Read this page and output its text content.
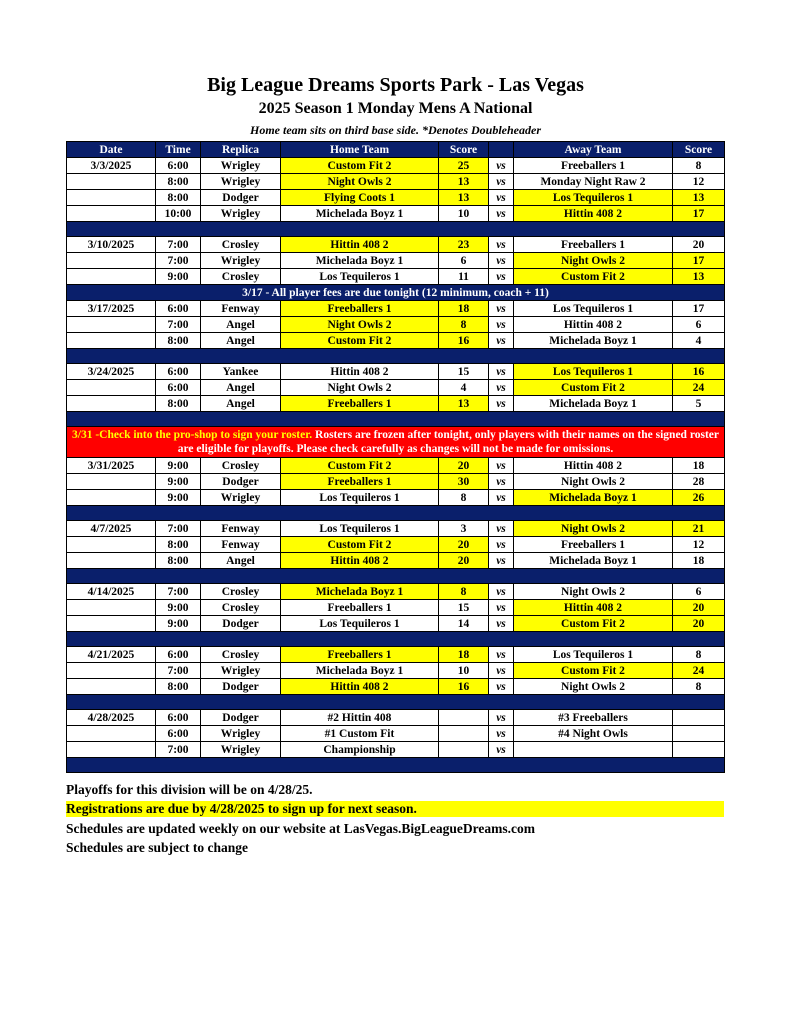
Big League Dreams Sports Park - Las Vegas
2025 Season 1 Monday Mens A National
Home team sits on third base side. *Denotes Doubleheader
Date	Time	Replica	Home Team	Score		Away Team	Score
3/3/2025	6:00	Wrigley	Custom Fit 2	25	vs	Freeballers 1	8
	8:00	Wrigley	Night Owls 2	13	vs	Monday Night Raw 2	12
	8:00	Dodger	Flying Coots 1	13	vs	Los Tequileros 1	13
	10:00	Wrigley	Michelada Boyz 1	10	vs	Hittin 408 2	17

3/10/2025	7:00	Crosley	Hittin 408 2	23	vs	Freeballers 1	20
	7:00	Wrigley	Michelada Boyz 1	6	vs	Night Owls 2	17
	9:00	Crosley	Los Tequileros 1	11	vs	Custom Fit 2	13
3/17 - All player fees are due tonight (12 minimum, coach + 11)							
3/17/2025	6:00	Fenway	Freeballers 1	18	vs	Los Tequileros 1	17
	7:00	Angel	Night Owls 2	8	vs	Hittin 408 2	6
	8:00	Angel	Custom Fit 2	16	vs	Michelada Boyz 1	4

3/24/2025	6:00	Yankee	Hittin 408 2	15	vs	Los Tequileros 1	16
	6:00	Angel	Night Owls 2	4	vs	Custom Fit 2	24
	8:00	Angel	Freeballers 1	13	vs	Michelada Boyz 1	5

3/31 -Check into the pro-shop to sign your roster. Rosters are frozen after tonight, only players with their names on the signed roster are eligible for playoffs. Please check carefully as changes will not be made for omissions.							
3/31/2025	9:00	Crosley	Custom Fit 2	20	vs	Hittin 408 2	18
	9:00	Dodger	Freeballers 1	30	vs	Night Owls 2	28
	9:00	Wrigley	Los Tequileros 1	8	vs	Michelada Boyz 1	26

4/7/2025	7:00	Fenway	Los Tequileros 1	3	vs	Night Owls 2	21
	8:00	Fenway	Custom Fit 2	20	vs	Freeballers 1	12
	8:00	Angel	Hittin 408 2	20	vs	Michelada Boyz 1	18

4/14/2025	7:00	Crosley	Michelada Boyz 1	8	vs	Night Owls 2	6
	9:00	Crosley	Freeballers 1	15	vs	Hittin 408 2	20
	9:00	Dodger	Los Tequileros 1	14	vs	Custom Fit 2	20

4/21/2025	6:00	Crosley	Freeballers 1	18	vs	Los Tequileros 1	8
	7:00	Wrigley	Michelada Boyz 1	10	vs	Custom Fit 2	24
	8:00	Dodger	Hittin 408 2	16	vs	Night Owls 2	8

4/28/2025	6:00	Dodger	#2 Hittin 408		vs	#3 Freeballers	
	6:00	Wrigley	#1 Custom Fit		vs	#4 Night Owls	
	7:00	Wrigley	Championship		vs		

Playoffs for this division will be on 4/28/25.
Registrations are due by 4/28/2025 to sign up for next season.
Schedules are updated weekly on our website at LasVegas.BigLeagueDreams.com
Schedules are subject to change
